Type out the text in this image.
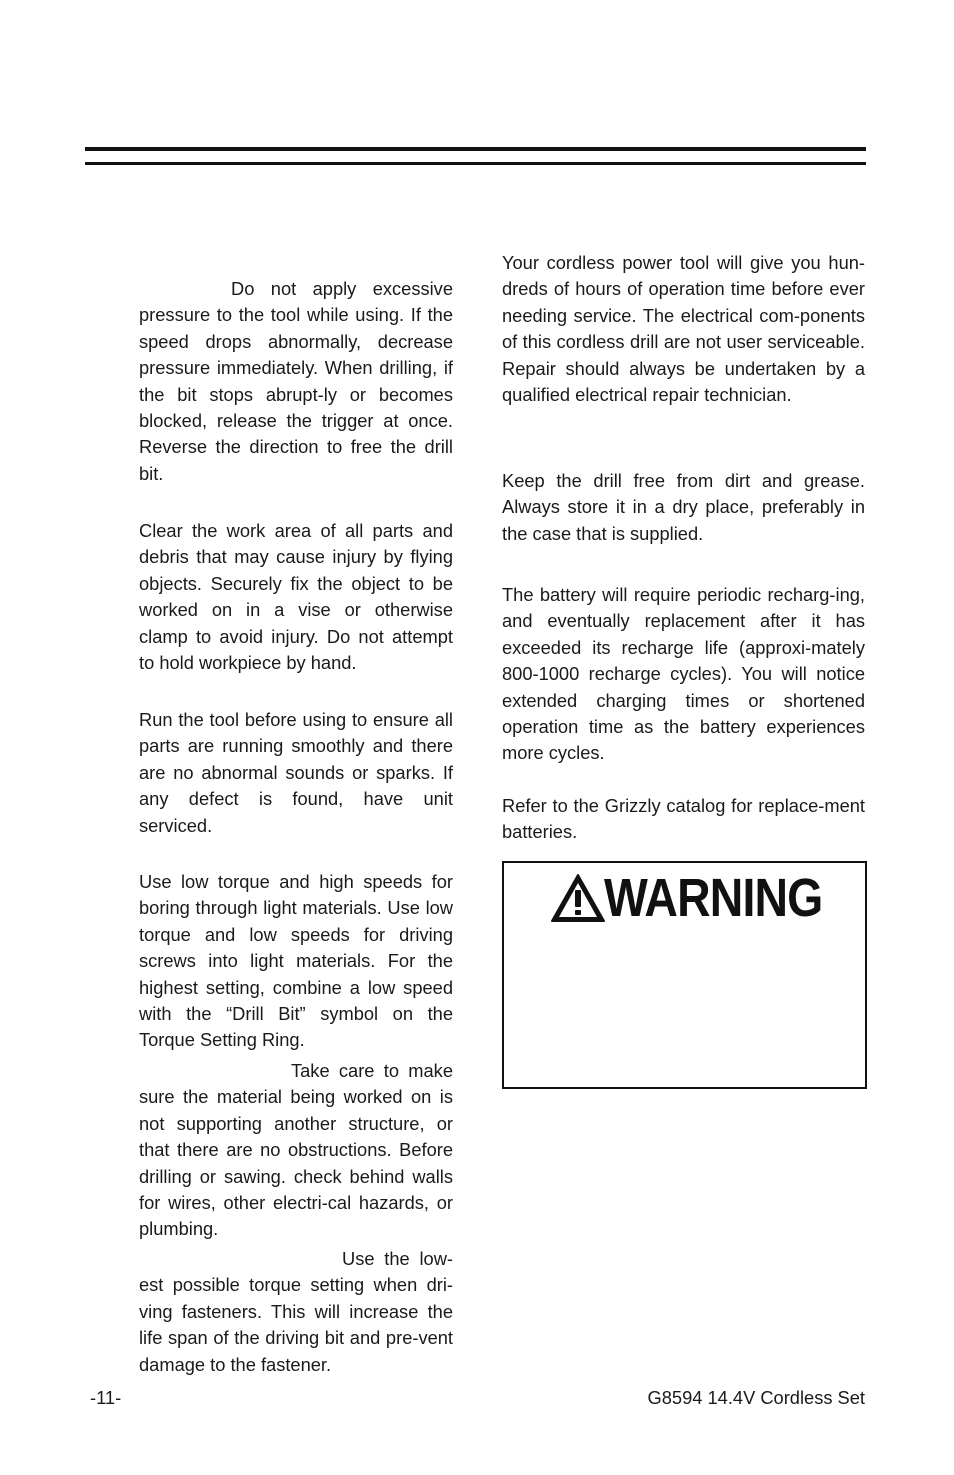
Do not apply excessive pressure to the tool while using. If the speed drops abnormally, decrease pressure immediately. When drilling, if the bit stops abrupt-ly or becomes blocked, release the trigger at once. Reverse the direction to free the drill bit.

Clear the work area of all parts and debris that may cause injury by flying objects. Securely fix the object to be worked on in a vise or otherwise clamp to avoid injury. Do not attempt to hold workpiece by hand.

Run the tool before using to ensure all parts are running smoothly and there are no abnormal sounds or sparks. If any defect is found, have unit serviced.

Use low torque and high speeds for boring through light materials. Use low torque and low speeds for driving screws into light materials. For the highest setting, combine a low speed with the “Drill Bit” symbol on the Torque Setting Ring.

Take care to make sure the material being worked on is not supporting another structure, or that there are no obstructions. Before drilling or sawing. check behind walls for wires, other electri-cal hazards, or plumbing.

Use the low-est possible torque setting when dri-ving fasteners. This will increase the life span of the driving bit and pre-vent damage to the fastener.

Your cordless power tool will give you hun-dreds of hours of operation time before ever needing service. The electrical com-ponents of this cordless drill are not user serviceable. Repair should always be undertaken by a qualified electrical repair technician.

Keep the drill free from dirt and grease. Always store it in a dry place, preferably in the case that is supplied.

The battery will require periodic recharg-ing, and eventually replacement after it has exceeded its recharge life (approxi-mately 800-1000 recharge cycles). You will notice extended charging times or shortened operation time as the battery experiences more cycles.

Refer to the Grizzly catalog for replace-ment batteries.

WARNING
-11-	G8594 14.4V Cordless Set
